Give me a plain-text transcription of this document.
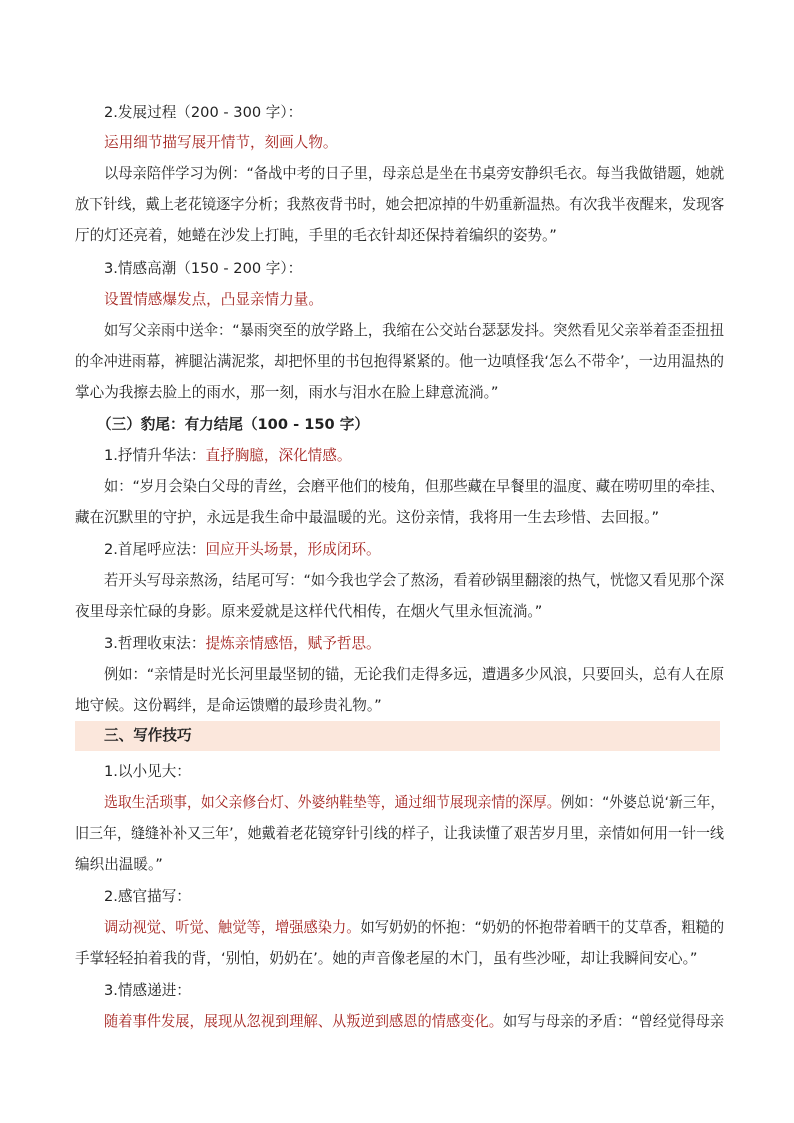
2.发展过程（200 - 300 字）：
运用细节描写展开情节，刻画人物。
以母亲陪伴学习为例：“备战中考的日子里，母亲总是坐在书桌旁安静织毛衣。每当我做错题，她就
放下针线，戴上老花镜逐字分析；我熬夜背书时，她会把凉掉的牛奶重新温热。有次我半夜醒来，发现客
厅的灯还亮着，她蜷在沙发上打盹，手里的毛衣针却还保持着编织的姿势。”
3.情感高潮（150 - 200 字）：
设置情感爆发点，凸显亲情力量。
如写父亲雨中送伞：“暴雨突至的放学路上，我缩在公交站台瑟瑟发抖。突然看见父亲举着歪歪扭扭
的伞冲进雨幕，裤腿沾满泥浆，却把怀里的书包抱得紧紧的。他一边嗔怪我‘怎么不带伞’，一边用温热的
掌心为我擦去脸上的雨水，那一刻，雨水与泪水在脸上肆意流淌。”
（三）豹尾：有力结尾（100 - 150 字）
1.抒情升华法：直抒胸臆，深化情感。
如：“岁月会染白父母的青丝，会磨平他们的棱角，但那些藏在早餐里的温度、藏在唠叨里的牵挂、
藏在沉默里的守护，永远是我生命中最温暖的光。这份亲情，我将用一生去珍惜、去回报。”
2.首尾呼应法：回应开头场景，形成闭环。
若开头写母亲熬汤，结尾可写：“如今我也学会了熬汤，看着砂锅里翻滚的热气，恍惚又看见那个深
夜里母亲忙碌的身影。原来爱就是这样代代相传，在烟火气里永恒流淌。”
3.哲理收束法：提炼亲情感悟，赋予哲思。
例如：“亲情是时光长河里最坚韧的锚，无论我们走得多远，遭遇多少风浪，只要回头，总有人在原
地守候。这份羁绊，是命运馈赠的最珍贵礼物。”
三、写作技巧
1.以小见大：
选取生活琐事，如父亲修台灯、外婆纳鞋垫等，通过细节展现亲情的深厚。例如：“外婆总说‘新三年，
旧三年，缝缝补补又三年’，她戴着老花镜穿针引线的样子，让我读懂了艰苦岁月里，亲情如何用一针一线
编织出温暖。”
2.感官描写：
调动视觉、听觉、触觉等，增强感染力。如写奶奶的怀抱：“奶奶的怀抱带着晒干的艾草香，粗糙的
手掌轻轻拍着我的背，‘别怕，奶奶在’。她的声音像老屋的木门，虽有些沙哑，却让我瞬间安心。”
3.情感递进：
随着事件发展，展现从忽视到理解、从叛逆到感恩的情感变化。如写与母亲的矛盾：“曾经觉得母亲
